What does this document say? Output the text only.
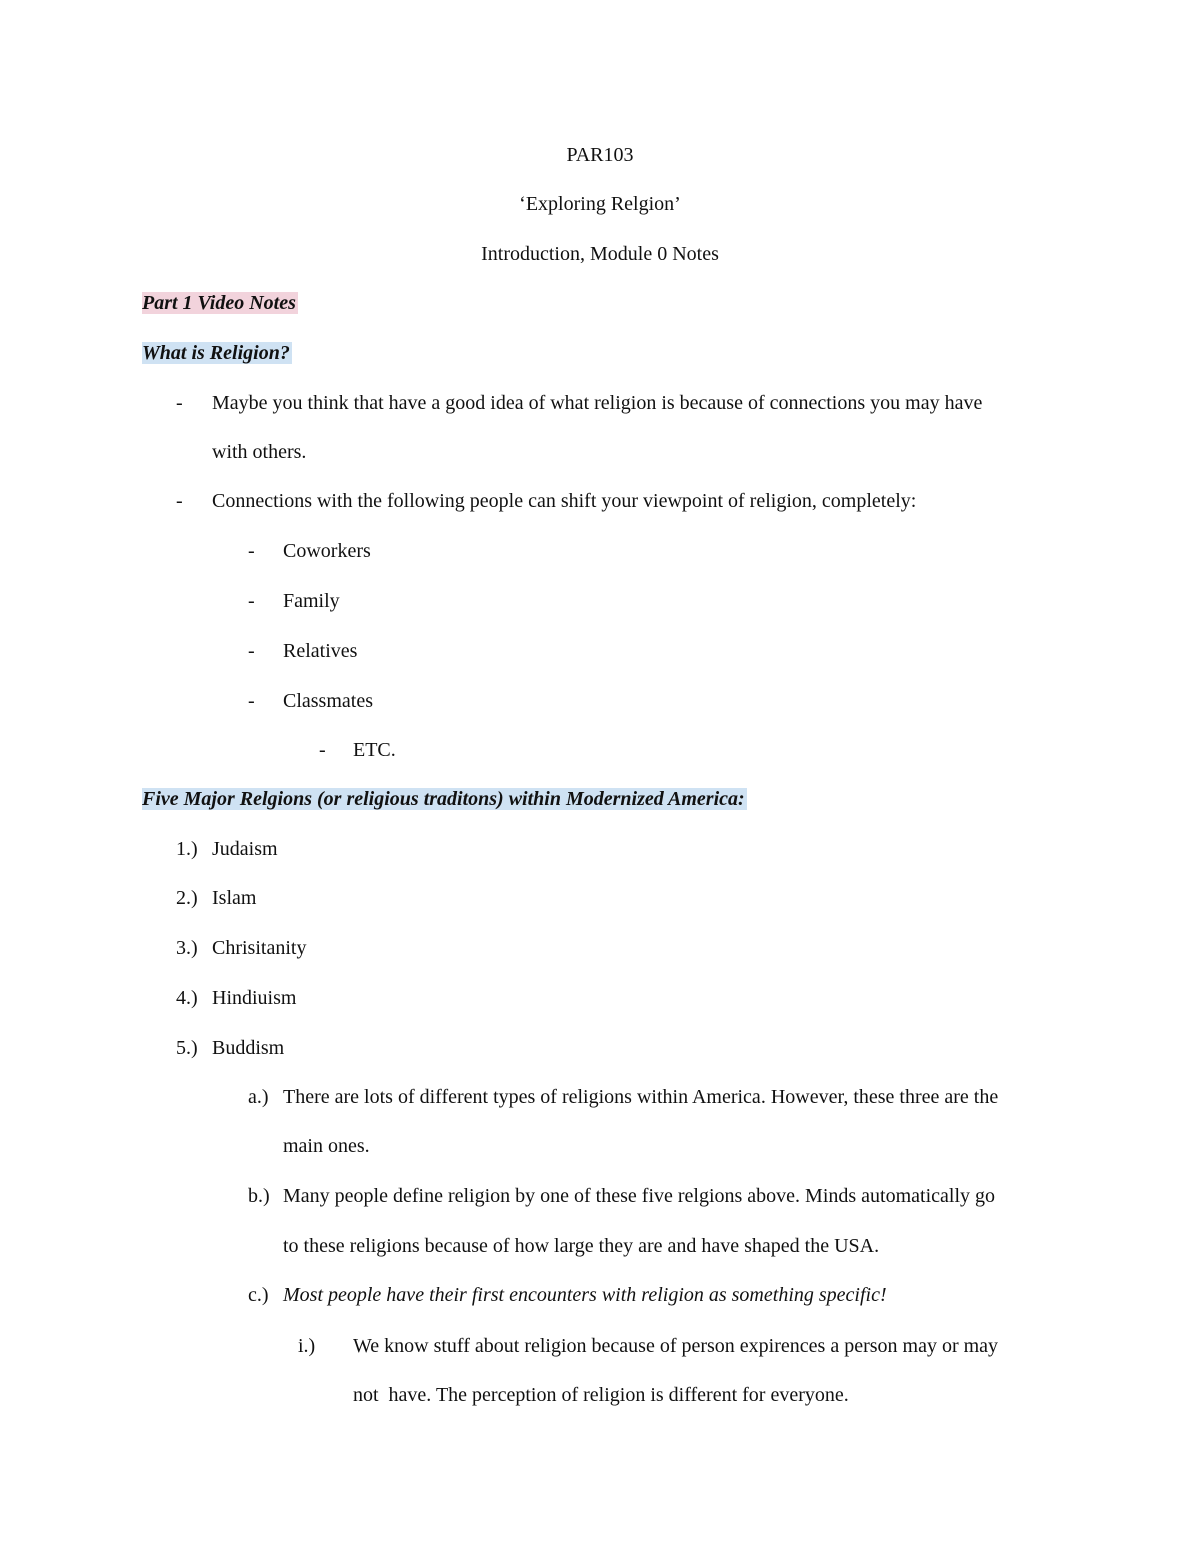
PAR103
‘Exploring Relgion’
Introduction, Module 0 Notes
Part 1 Video Notes
What is Religion?
- Maybe you think that have a good idea of what religion is because of connections you may have
with others.
- Connections with the following people can shift your viewpoint of religion, completely:
- Coworkers
- Family
- Relatives
- Classmates
- ETC.
Five Major Relgions (or religious traditons) within Modernized America:
1.) Judaism
2.) Islam
3.) Chrisitanity
4.) Hindiuism
5.) Buddism
a.) There are lots of different types of religions within America. However, these three are the
main ones.
b.) Many people define religion by one of these five relgions above. Minds automatically go
to these religions because of how large they are and have shaped the USA.
c.) Most people have their first encounters with religion as something specific!
i.) We know stuff about religion because of person expirences a person may or may
not  have. The perception of religion is different for everyone.
